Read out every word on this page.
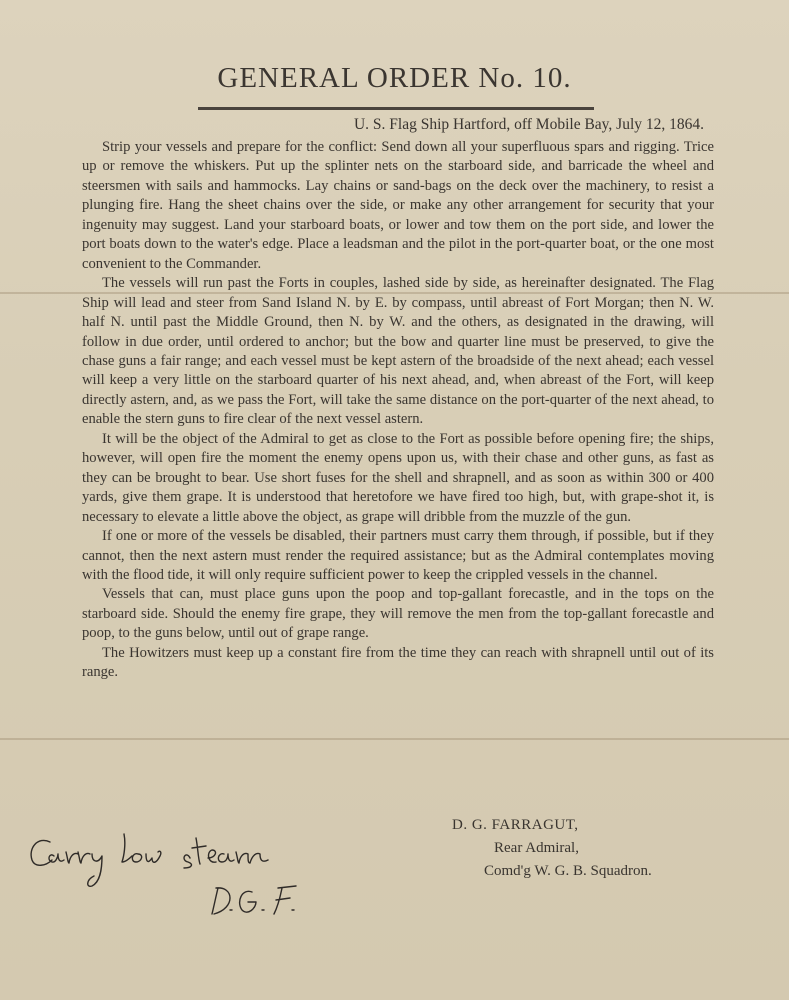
GENERAL ORDER No. 10.
U. S. Flag Ship Hartford, off Mobile Bay, July 12, 1864.

Strip your vessels and prepare for the conflict: Send down all your superfluous spars and rigging. Trice up or remove the whiskers. Put up the splinter nets on the starboard side, and barricade the wheel and steersmen with sails and hammocks. Lay chains or sand-bags on the deck over the machinery, to resist a plunging fire. Hang the sheet chains over the side, or make any other arrangement for security that your ingenuity may suggest. Land your starboard boats, or lower and tow them on the port side, and lower the port boats down to the water's edge. Place a leadsman and the pilot in the port-quarter boat, or the one most convenient to the Commander.

The vessels will run past the Forts in couples, lashed side by side, as hereinafter designated. The Flag Ship will lead and steer from Sand Island N. by E. by compass, until abreast of Fort Morgan; then N. W. half N. until past the Middle Ground, then N. by W. and the others, as designated in the drawing, will follow in due order, until ordered to anchor; but the bow and quarter line must be preserved, to give the chase guns a fair range; and each vessel must be kept astern of the broadside of the next ahead; each vessel will keep a very little on the starboard quarter of his next ahead, and, when abreast of the Fort, will keep directly astern, and, as we pass the Fort, will take the same distance on the port-quarter of the next ahead, to enable the stern guns to fire clear of the next vessel astern.

It will be the object of the Admiral to get as close to the Fort as possible before opening fire; the ships, however, will open fire the moment the enemy opens upon us, with their chase and other guns, as fast as they can be brought to bear. Use short fuses for the shell and shrapnell, and as soon as within 300 or 400 yards, give them grape. It is understood that heretofore we have fired too high, but, with grape-shot it, is necessary to elevate a little above the object, as grape will dribble from the muzzle of the gun.

If one or more of the vessels be disabled, their partners must carry them through, if possible, but if they cannot, then the next astern must render the required assistance; but as the Admiral contemplates moving with the flood tide, it will only require sufficient power to keep the crippled vessels in the channel.

Vessels that can, must place guns upon the poop and top-gallant forecastle, and in the tops on the starboard side. Should the enemy fire grape, they will remove the men from the top-gallant forecastle and poop, to the guns below, until out of grape range.

The Howitzers must keep up a constant fire from the time they can reach with shrapnell until out of its range.

D. G. FARRAGUT,
Rear Admiral,
Comd'g W. G. B. Squadron.
